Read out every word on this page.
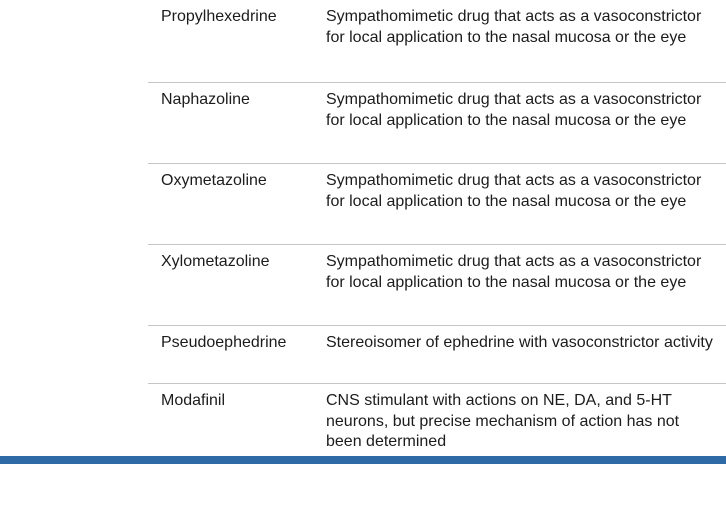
Propylhexedrine	Sympathomimetic drug that acts as a vasoconstrictor for local application to the nasal mucosa or the eye
Naphazoline	Sympathomimetic drug that acts as a vasoconstrictor for local application to the nasal mucosa or the eye
Oxymetazoline	Sympathomimetic drug that acts as a vasoconstrictor for local application to the nasal mucosa or the eye
Xylometazoline	Sympathomimetic drug that acts as a vasoconstrictor for local application to the nasal mucosa or the eye
Pseudoephedrine	Stereoisomer of ephedrine with vasoconstrictor activity
Modafinil	CNS stimulant with actions on NE, DA, and 5-HT neurons, but precise mechanism of action has not been determined
